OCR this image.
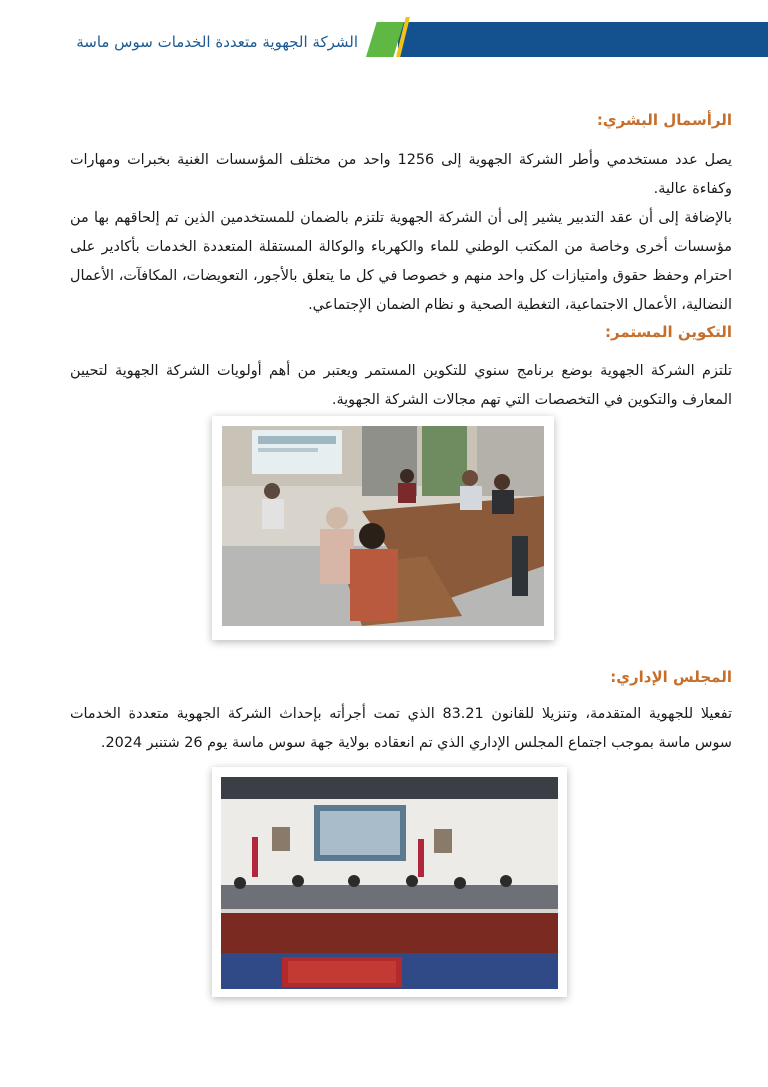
الشركة الجهوية متعددة الخدمات سوس ماسة
الرأسمال البشري:

يصل عدد مستخدمي وأطر الشركة الجهوية إلى 1256 واحد من مختلف المؤسسات الغنية بخبرات ومهارات وكفاءة عالية.

بالإضافة إلى أن عقد التدبير يشير إلى أن الشركة الجهوية تلتزم بالضمان للمستخدمين الذين تم إلحاقهم بها من مؤسسات أخرى وخاصة من المكتب الوطني للماء والكهرباء والوكالة المستقلة المتعددة الخدمات بأكادير على احترام وحفظ حقوق وامتيازات كل واحد منهم و خصوصا في كل ما يتعلق بالأجور، التعويضات، المكافآت، الأعمال النضالية، الأعمال الاجتماعية، التغطية الصحية و نظام الضمان الإجتماعي.

التكوين المستمر:

تلتزم الشركة الجهوية بوضع برنامج سنوي للتكوين المستمر ويعتبر من أهم أولويات الشركة الجهوية لتحيين المعارف والتكوين في التخصصات التي تهم مجالات الشركة الجهوية.

المجلس الإداري:

تفعيلا للجهوية المتقدمة، وتنزيلا للقانون 83.21 الذي تمت أجرأته بإحداث الشركة الجهوية متعددة الخدمات سوس ماسة بموجب اجتماع المجلس الإداري الذي تم انعقاده بولاية جهة سوس ماسة يوم 26 شتنبر 2024.
